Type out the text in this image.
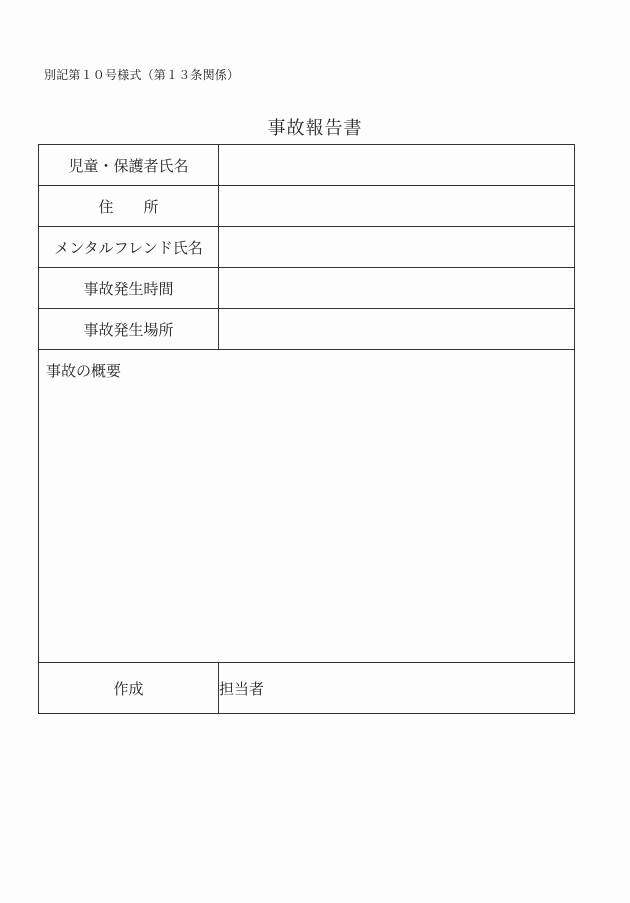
別記第１０号様式（第１３条関係）
事故報告書
児童・保護者氏名	
住　　所	
メンタルフレンド氏名	
事故発生時間	
事故発生場所	

事故の概要	

作成	担当者
